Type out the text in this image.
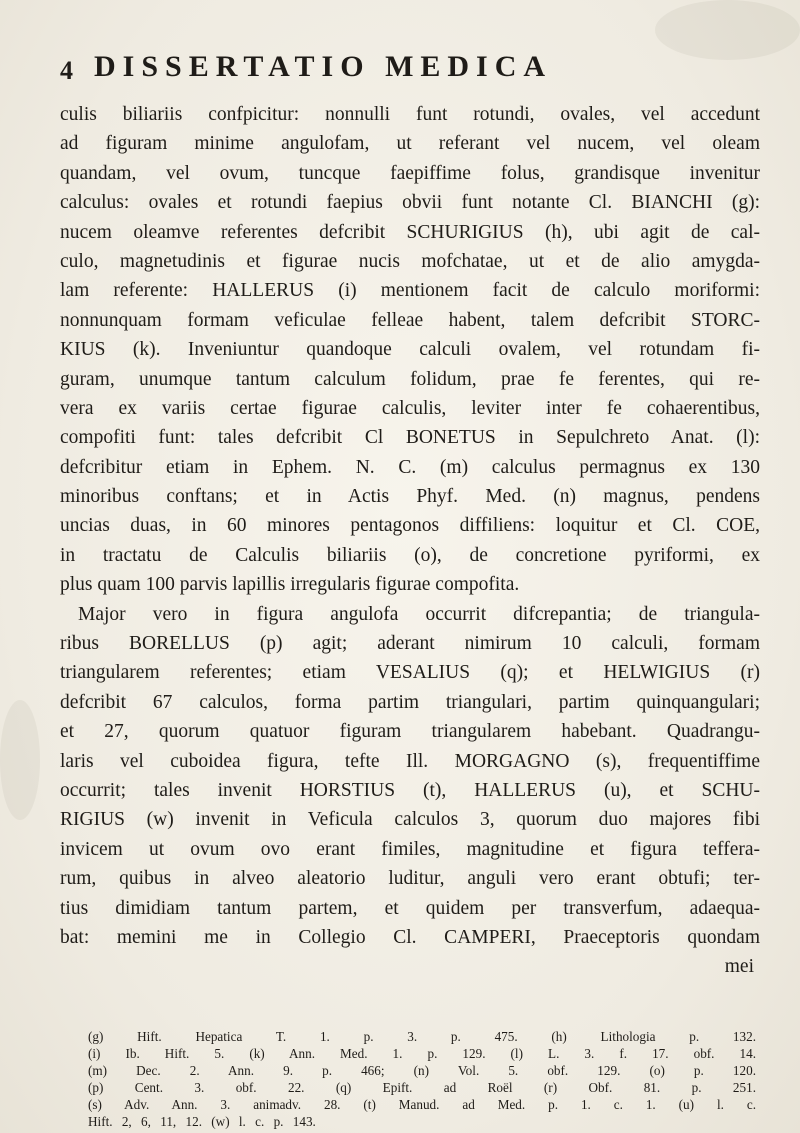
4 DISSERTATIO MEDICA
culis biliariis confpicitur: nonnulli funt rotundi, ovales, vel accedunt
ad figuram minime angulofam, ut referant vel nucem, vel oleam
quandam, vel ovum, tuncque faepiffime folus, grandisque invenitur
calculus: ovales et rotundi faepius obvii funt notante Cl. BIANCHI (g):
nucem oleamve referentes defcribit SCHURIGIUS (h), ubi agit de cal-
culo, magnetudinis et figurae nucis mofchatae, ut et de alio amygda-
lam referente: HALLERUS (i) mentionem facit de calculo moriformi:
nonnunquam formam veficulae felleae habent, talem defcribit STORC-
KIUS (k). Inveniuntur quandoque calculi ovalem, vel rotundam fi-
guram, unumque tantum calculum folidum, prae fe ferentes, qui re-
vera ex variis certae figurae calculis, leviter inter fe cohaerentibus,
compofiti funt: tales defcribit Cl BONETUS in Sepulchreto Anat. (l):
defcribitur etiam in Ephem. N. C. (m) calculus permagnus ex 130
minoribus conftans; et in Actis Phyf. Med. (n) magnus, pendens
uncias duas, in 60 minores pentagonos diffiliens: loquitur et Cl. COE,
in tractatu de Calculis biliariis (o), de concretione pyriformi, ex
plus quam 100 parvis lapillis irregularis figurae compofita.
Major vero in figura angulofa occurrit difcrepantia; de triangula-
ribus BORELLUS (p) agit; aderant nimirum 10 calculi, formam
triangularem referentes; etiam VESALIUS (q); et HELWIGIUS (r)
defcribit 67 calculos, forma partim triangulari, partim quinquangulari;
et 27, quorum quatuor figuram triangularem habebant. Quadrangu-
laris vel cuboidea figura, tefte Ill. MORGAGNO (s), frequentiffime
occurrit; tales invenit HORSTIUS (t), HALLERUS (u), et SCHU-
RIGIUS (w) invenit in Veficula calculos 3, quorum duo majores fibi
invicem ut ovum ovo erant fimiles, magnitudine et figura teffera-
rum, quibus in alveo aleatorio luditur, anguli vero erant obtufi; ter-
tius dimidiam tantum partem, et quidem per transverfum, adaequa-
bat: memini me in Collegio Cl. CAMPERI, Praeceptoris quondam
mei
(g) Hift. Hepatica T. 1. p. 3. p. 475. (h) Lithologia p. 132.
(i) Ib. Hift. 5. (k) Ann. Med. 1. p. 129. (l) L. 3. f. 17. obf. 14.
(m) Dec. 2. Ann. 9. p. 466; (n) Vol. 5. obf. 129. (o) p. 120.
(p) Cent. 3. obf. 22. (q) Epift. ad Roël (r) Obf. 81. p. 251.
(s) Adv. Ann. 3. animadv. 28. (t) Manud. ad Med. p. 1. c. 1. (u) l. c.
Hift. 2, 6, 11, 12. (w) l. c. p. 143.
